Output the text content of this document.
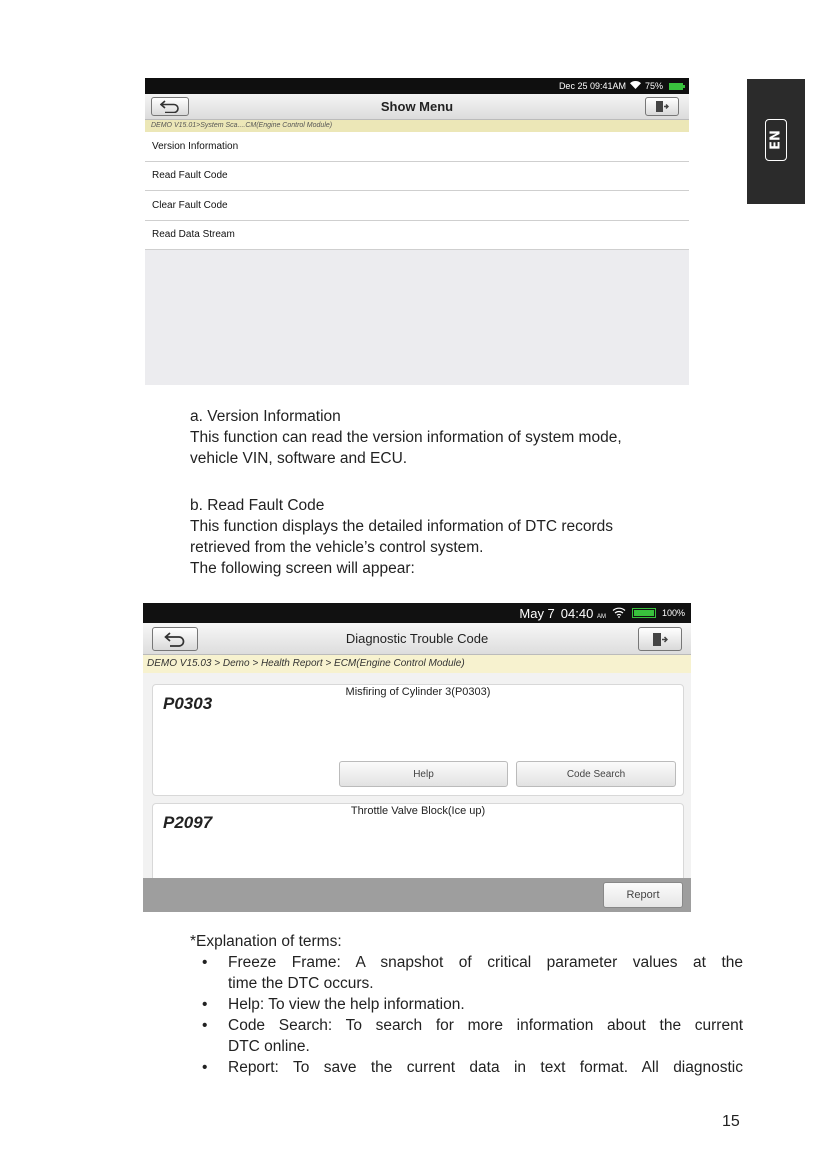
EN
Dec 25 09:41AM 75%
Show Menu
DEMO V15.01>System Sca....CM(Engine Control Module)
Version Information
Read Fault Code
Clear Fault Code
Read Data Stream
a. Version Information
This function can read the version information of system mode,
vehicle VIN, software and ECU.
b. Read Fault Code
This function displays the detailed information of DTC records
retrieved from the vehicle’s control system.
The following screen will appear:
May 7 04:40 AM	100%
Diagnostic Trouble Code
DEMO V15.03 > Demo > Health Report > ECM(Engine Control Module)
P0303
Misfiring of Cylinder 3(P0303)
Help	Code Search
P2097
Throttle Valve Block(Ice up)
Report
*Explanation of terms:
• Freeze Frame: A snapshot of critical parameter values at the
time the DTC occurs.
• Help: To view the help information.
• Code Search: To search for more information about the current
DTC online.
• Report: To save the current data in text format. All diagnostic
15
